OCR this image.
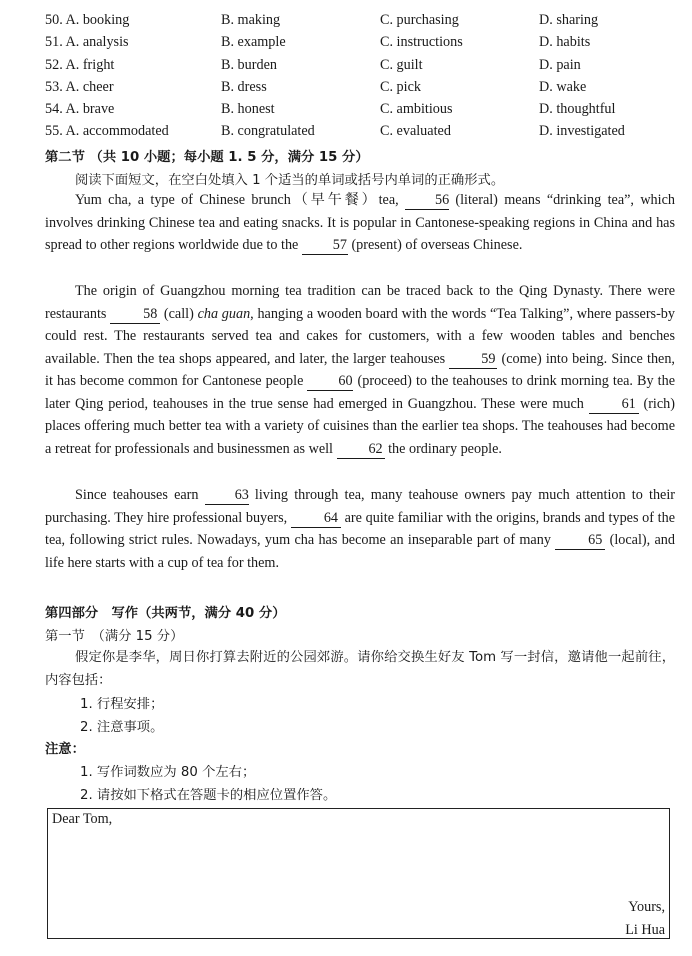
50. A. booking	B. making	C. purchasing	D. sharing
51. A. analysis	B. example	C. instructions	D. habits
52. A. fright	B. burden	C. guilt	D. pain
53. A. cheer	B. dress	C. pick	D. wake
54. A. brave	B. honest	C. ambitious	D. thoughtful
55. A. accommodated	B. congratulated	C. evaluated	D. investigated
第二节 （共 10 小题；每小题 1. 5 分，满分 15 分）
阅读下面短文，在空白处填入 1 个适当的单词或括号内单词的正确形式。

Yum cha, a type of Chinese brunch（早午餐）tea, 56 (literal) means “drinking tea”, which involves drinking Chinese tea and eating snacks. It is popular in Cantonese-speaking regions in China and has spread to other regions worldwide due to the 57 (present) of overseas Chinese.

The origin of Guangzhou morning tea tradition can be traced back to the Qing Dynasty. There were restaurants 58 (call) cha guan, hanging a wooden board with the words “Tea Talking”, where passers-by could rest. The restaurants served tea and cakes for customers, with a few wooden tables and benches available. Then the tea shops appeared, and later, the larger teahouses 59 (come) into being. Since then, it has become common for Cantonese people 60 (proceed) to the teahouses to drink morning tea. By the later Qing period, teahouses in the true sense had emerged in Guangzhou. These were much 61 (rich) places offering much better tea with a variety of cuisines than the earlier tea shops. The teahouses had become a retreat for professionals and businessmen as well 62 the ordinary people.

Since teahouses earn 63 living through tea, many teahouse owners pay much attention to their purchasing. They hire professional buyers, 64 are quite familiar with the origins, brands and types of the tea, following strict rules. Nowadays, yum cha has become an inseparable part of many 65 (local), and life here starts with a cup of tea for them.

第四部分　写作（共两节，满分 40 分）
第一节　（满分 15 分）

假定你是李华，周日你打算去附近的公园郊游。请你给交换生好友 Tom 写一封信，邀请他一起前往，内容包括：

1. 行程安排；
2. 注意事项。
注意：
1. 写作词数应为 80 个左右；
2. 请按如下格式在答题卡的相应位置作答。
Dear Tom,
Yours,
Li Hua
